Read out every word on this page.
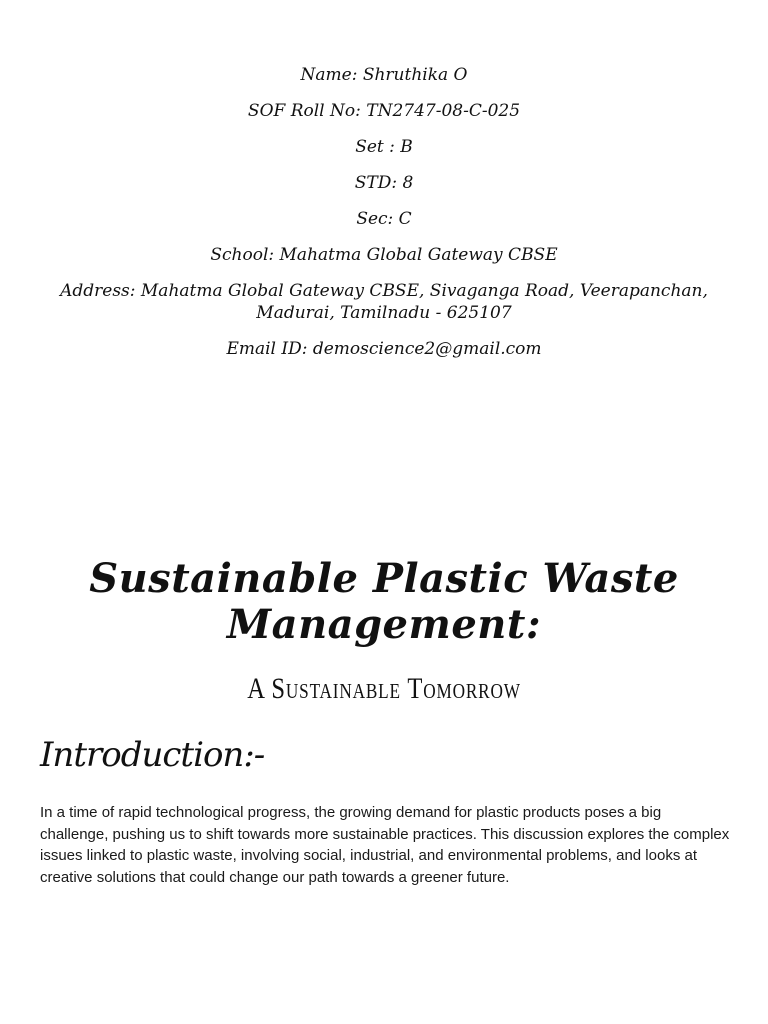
Name: Shruthika O
SOF Roll No: TN2747-08-C-025
Set : B
STD: 8
Sec: C
School: Mahatma Global Gateway CBSE
Address: Mahatma Global Gateway CBSE, Sivaganga Road, Veerapanchan, Madurai, Tamilnadu - 625107
Email ID: demoscience2@gmail.com
Sustainable Plastic Waste Management:
A Sustainable Tomorrow
Introduction:-
In a time of rapid technological progress, the growing demand for plastic products poses a big challenge, pushing us to shift towards more sustainable practices. This discussion explores the complex issues linked to plastic waste, involving social, industrial, and environmental problems, and looks at creative solutions that could change our path towards a greener future.
